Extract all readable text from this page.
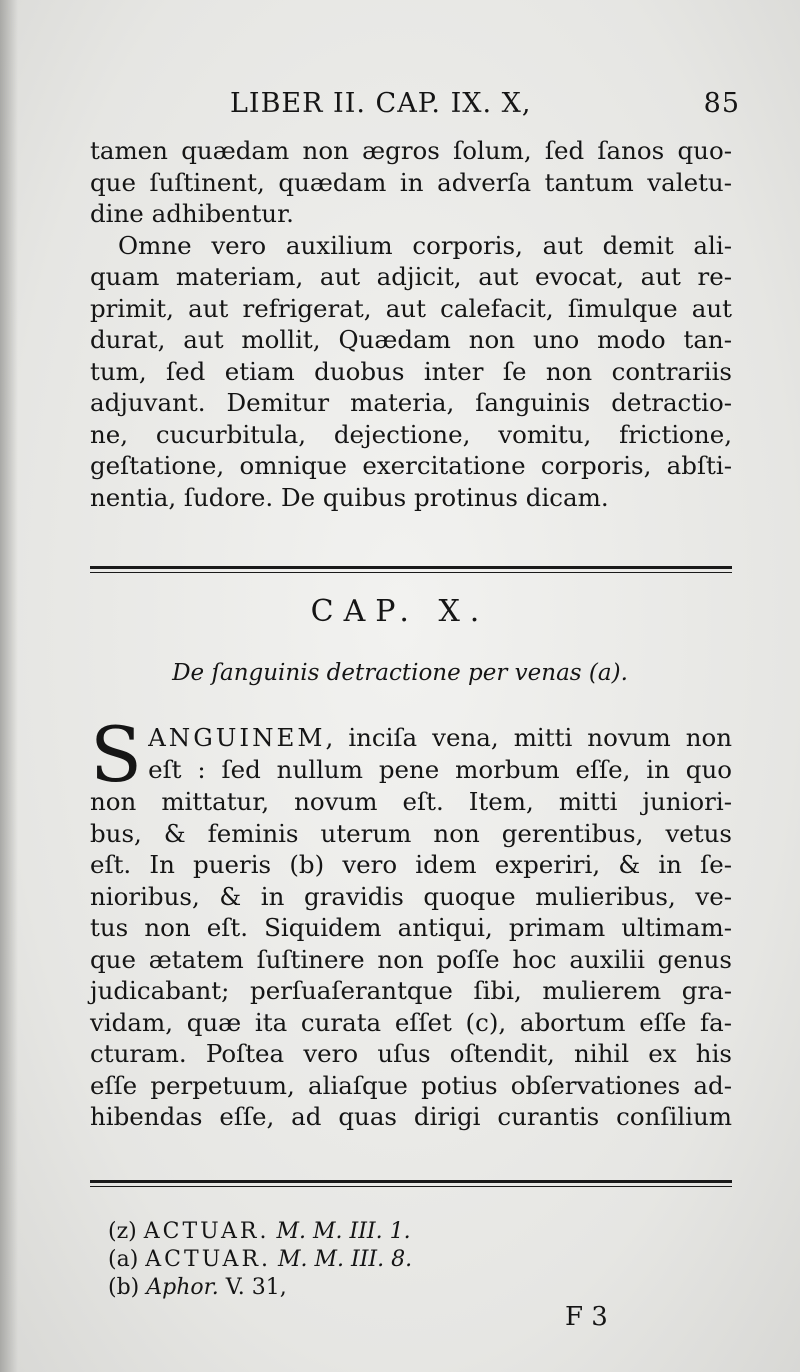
LIBER II. CAP. IX. X,	85

tamen quædam non ægros ſolum, ſed ſanos quo-
que ſuſtinent, quædam in adverſa tantum valetu-
dine adhibentur.

Omne vero auxilium corporis, aut demit ali-
quam materiam, aut adjicit, aut evocat, aut re-
primit, aut refrigerat, aut calefacit, ſimulque aut
durat, aut mollit, Quædam non uno modo tan-
tum, ſed etiam duobus inter ſe non contrariis
adjuvant. Demitur materia, ſanguinis detractio-
ne, cucurbitula, dejectione, vomitu, frictione,
geſtatione, omnique exercitatione corporis, abſti-
nentia, ſudore. De quibus protinus dicam.

CAP. X.
De ſanguinis detractione per venas (a).

S ANGUINEM, inciſa vena, mitti novum non
eſt : ſed nullum pene morbum eſſe, in quo
non mittatur, novum eſt. Item, mitti juniori-
bus, & feminis uterum non gerentibus, vetus
eſt. In pueris (b) vero idem experiri, & in ſe-
nioribus, & in gravidis quoque mulieribus, ve-
tus non eſt. Siquidem antiqui, primam ultimam-
que ætatem ſuſtinere non poſſe hoc auxilii genus
judicabant; perſuaſerantque ſibi, mulierem gra-
vidam, quæ ita curata eſſet (c), abortum eſſe fa-
cturam. Poſtea vero uſus oſtendit, nihil ex his
eſſe perpetuum, aliaſque potius obſervationes ad-
hibendas eſſe, ad quas dirigi curantis conſilium

(z) ACTUAR. M. M. III. 1.
(a) ACTUAR. M. M. III. 8.
(b) Aphor. V. 31,
F 3
